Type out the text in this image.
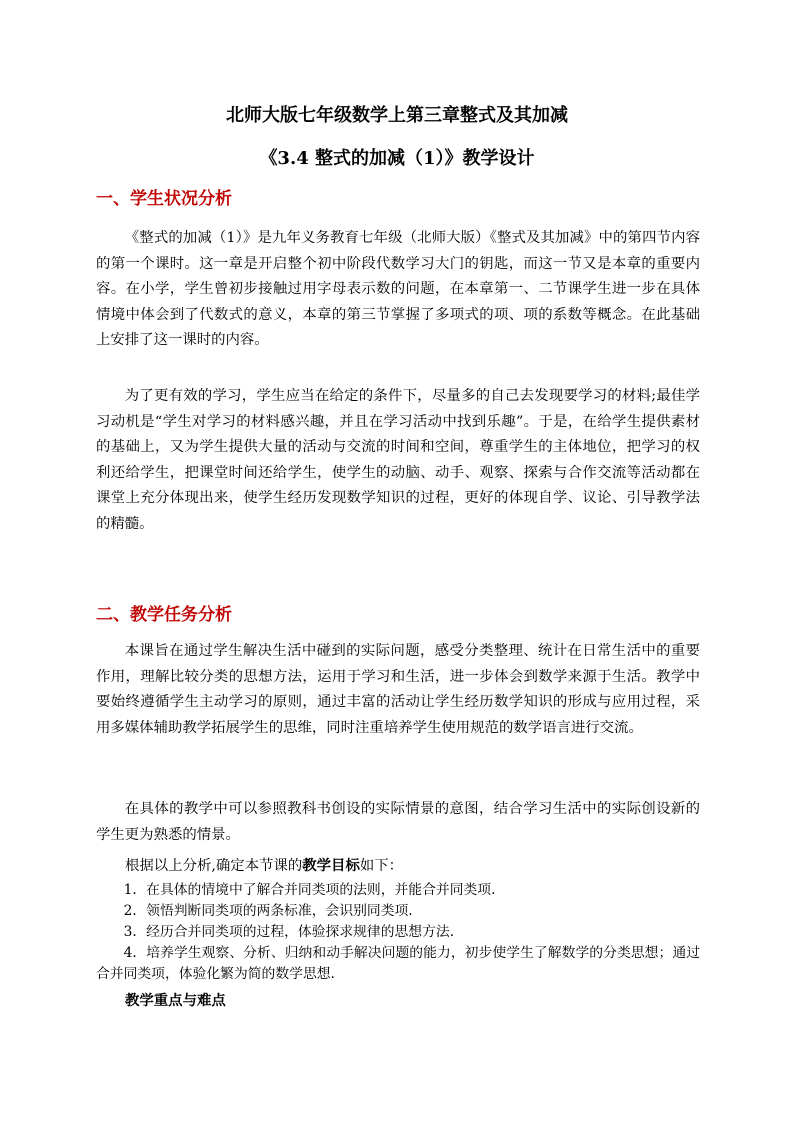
北师大版七年级数学上第三章整式及其加减
《3.4 整式的加减（1）》教学设计
一、学生状况分析

《整式的加减（1）》是九年义务教育七年级（北师大版）《整式及其加减》中的第四节内容的第一个课时。这一章是开启整个初中阶段代数学习大门的钥匙，而这一节又是本章的重要内容。在小学，学生曾初步接触过用字母表示数的问题，在本章第一、二节课学生进一步在具体情境中体会到了代数式的意义，本章的第三节掌握了多项式的项、项的系数等概念。在此基础上安排了这一课时的内容。

为了更有效的学习，学生应当在给定的条件下，尽量多的自己去发现要学习的材料;最佳学习动机是“学生对学习的材料感兴趣，并且在学习活动中找到乐趣”。于是，在给学生提供素材的基础上，又为学生提供大量的活动与交流的时间和空间，尊重学生的主体地位，把学习的权利还给学生，把课堂时间还给学生，使学生的动脑、动手、观察、探索与合作交流等活动都在课堂上充分体现出来，使学生经历发现数学知识的过程，更好的体现自学、议论、引导教学法的精髓。

二、教学任务分析

本课旨在通过学生解决生活中碰到的实际问题，感受分类整理、统计在日常生活中的重要作用，理解比较分类的思想方法，运用于学习和生活，进一步体会到数学来源于生活。教学中要始终遵循学生主动学习的原则，通过丰富的活动让学生经历数学知识的形成与应用过程，采用多媒体辅助教学拓展学生的思维，同时注重培养学生使用规范的数学语言进行交流。

在具体的教学中可以参照教科书创设的实际情景的意图，结合学习生活中的实际创设新的学生更为熟悉的情景。

根据以上分析,确定本节课的教学目标如下：

1．在具体的情境中了解合并同类项的法则，并能合并同类项.
2．领悟判断同类项的两条标准，会识别同类项.
3．经历合并同类项的过程，体验探求规律的思想方法.
4．培养学生观察、分析、归纳和动手解决问题的能力，初步使学生了解数学的分类思想；通过合并同类项，体验化繁为简的数学思想.

教学重点与难点
